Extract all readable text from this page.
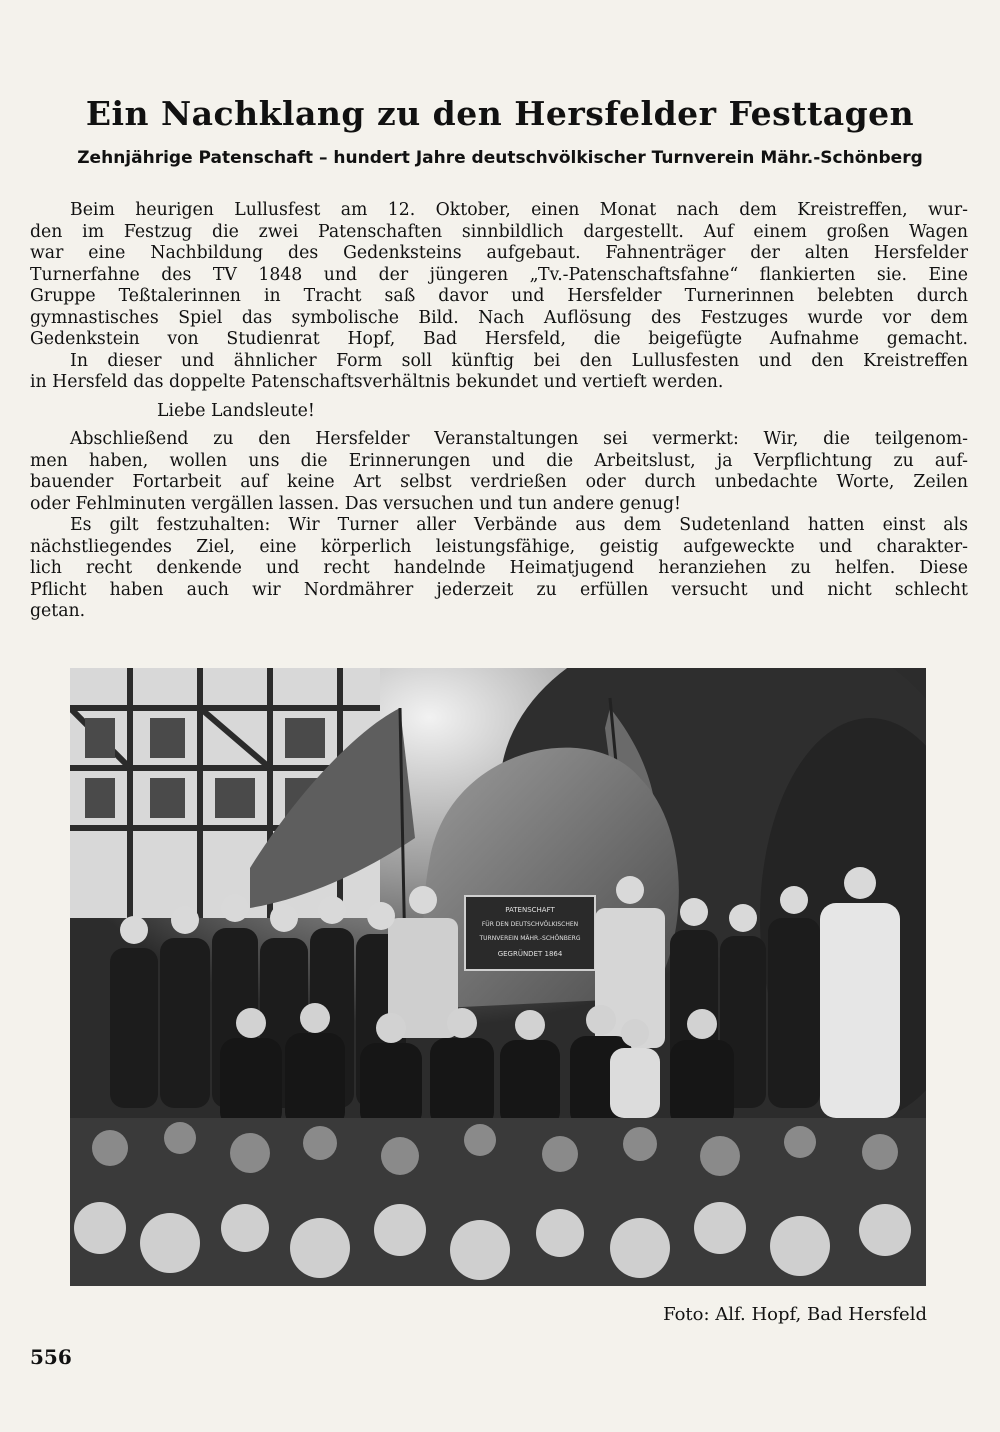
Ein Nachklang zu den Hersfelder Festtagen
Zehnjährige Patenschaft – hundert Jahre deutschvölkischer Turnverein Mähr.-Schönberg
Beim heurigen Lullusfest am 12. Oktober, einen Monat nach dem Kreistreffen, wur-
den im Festzug die zwei Patenschaften sinnbildlich dargestellt. Auf einem großen Wagen
war eine Nachbildung des Gedenksteins aufgebaut. Fahnenträger der alten Hersfelder
Turnerfahne des TV 1848 und der jüngeren „Tv.-Patenschaftsfahne“ flankierten sie. Eine
Gruppe Teßtalerinnen in Tracht saß davor und Hersfelder Turnerinnen belebten durch
gymnastisches Spiel das symbolische Bild. Nach Auflösung des Festzuges wurde vor dem
Gedenkstein von Studienrat Hopf, Bad Hersfeld, die beigefügte Aufnahme gemacht.
In dieser und ähnlicher Form soll künftig bei den Lullusfesten und den Kreistreffen
in Hersfeld das doppelte Patenschaftsverhältnis bekundet und vertieft werden.
Liebe Landsleute!
Abschließend zu den Hersfelder Veranstaltungen sei vermerkt: Wir, die teilgenom-
men haben, wollen uns die Erinnerungen und die Arbeitslust, ja Verpflichtung zu auf-
bauender Fortarbeit auf keine Art selbst verdrießen oder durch unbedachte Worte, Zeilen
oder Fehlminuten vergällen lassen. Das versuchen und tun andere genug!
Es gilt festzuhalten: Wir Turner aller Verbände aus dem Sudetenland hatten einst als
nächstliegendes Ziel, eine körperlich leistungsfähige, geistig aufgeweckte und charakter-
lich recht denkende und recht handelnde Heimatjugend heranziehen zu helfen. Diese
Pflicht haben auch wir Nordmährer jederzeit zu erfüllen versucht und nicht schlecht
getan.
PATENSCHAFT
FÜR DEN DEUTSCHVÖLKISCHEN
TURNVEREIN MÄHR.-SCHÖNBERG
GEGRÜNDET 1864
Foto: Alf. Hopf, Bad Hersfeld
556
